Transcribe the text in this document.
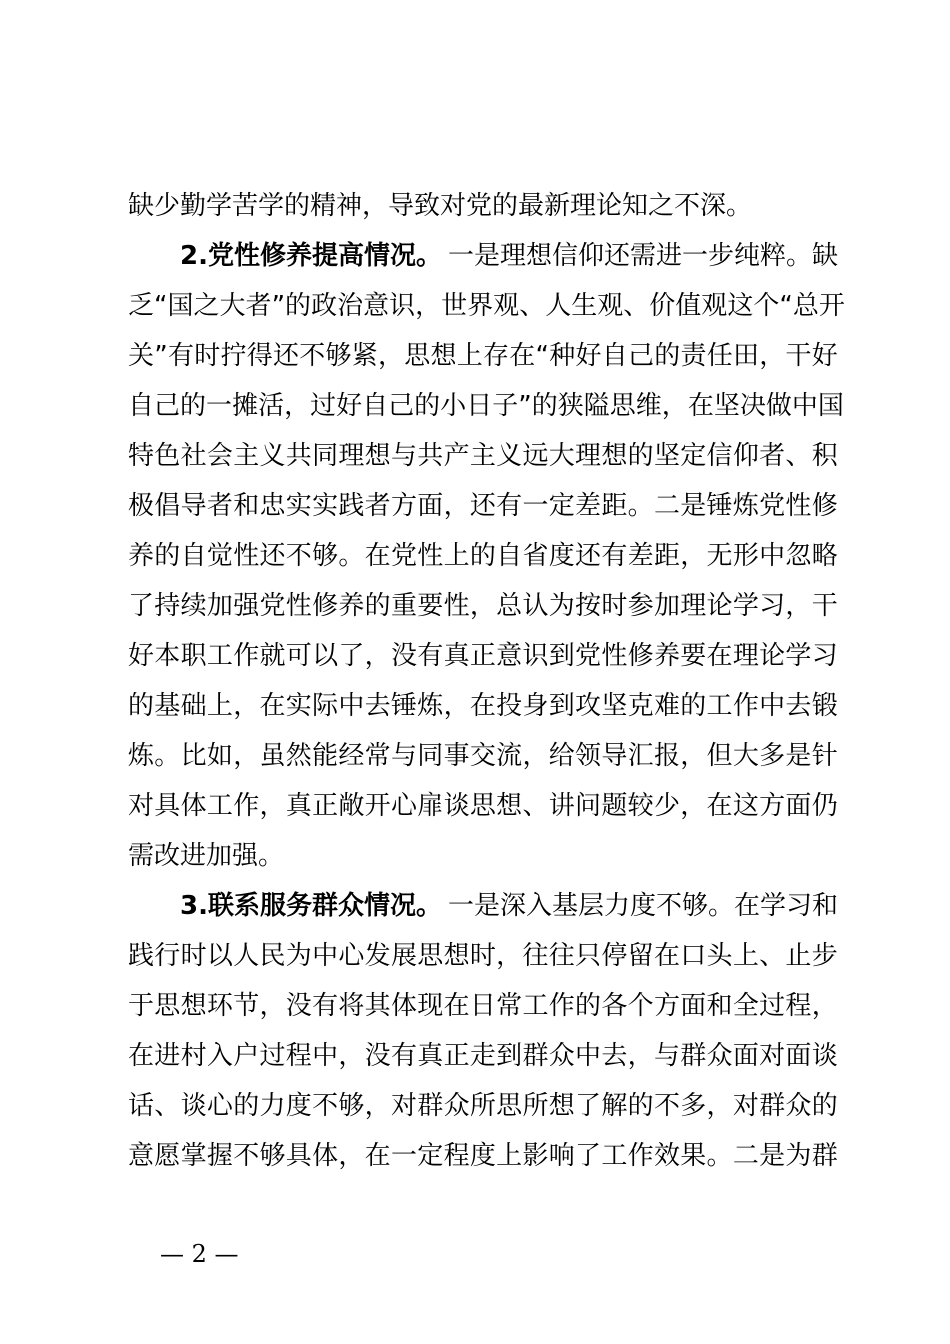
缺少勤学苦学的精神，导致对党的最新理论知之不深。
2.党性修养提高情况。 一是理想信仰还需进一步纯粹。缺
乏 “ 国 之 大 者 ” 的 政 治 意 识 ， 世 界 观 、 人 生 观 、 价 值 观 这 个 “ 总 开
关 ” 有 时 拧 得 还 不 够 紧 ， 思 想 上 存 在 “ 种 好 自 己 的 责 任 田 ， 干 好
自 己 的 一 摊 活 ， 过 好 自 己 的 小 日 子 ” 的 狭 隘 思 维 ， 在 坚 决 做 中 国
特 色 社 会 主 义 共 同 理 想 与 共 产 主 义 远 大 理 想 的 坚 定 信 仰 者 、 积
极 倡 导 者 和 忠 实 实 践 者 方 面 ， 还 有 一 定 差 距 。 二 是 锤 炼 党 性 修
养 的 自 觉 性 还 不 够 。 在 党 性 上 的 自 省 度 还 有 差 距 ， 无 形 中 忽 略
了 持 续 加 强 党 性 修 养 的 重 要 性 ， 总 认 为 按 时 参 加 理 论 学 习 ， 干
好 本 职 工 作 就 可 以 了 ， 没 有 真 正 意 识 到 党 性 修 养 要 在 理 论 学 习
的 基 础 上 ， 在 实 际 中 去 锤 炼 ， 在 投 身 到 攻 坚 克 难 的 工 作 中 去 锻
炼 。 比 如 ， 虽 然 能 经 常 与 同 事 交 流 ， 给 领 导 汇 报 ， 但 大 多 是 针
对 具 体 工 作 ， 真 正 敞 开 心 扉 谈 思 想 、 讲 问 题 较 少 ， 在 这 方 面 仍
需改进加强。
3.联系服务群众情况。 一是深入基层力度不够。在学习和
践 行 时 以 人 民 为 中 心 发 展 思 想 时 ， 往 往 只 停 留 在 口 头 上 、 止 步
于 思 想 环 节 ， 没 有 将 其 体 现 在 日 常 工 作 的 各 个 方 面 和 全 过 程 ，
在 进 村 入 户 过 程 中 ， 没 有 真 正 走 到 群 众 中 去 ， 与 群 众 面 对 面 谈
话 、 谈 心 的 力 度 不 够 ， 对 群 众 所 思 所 想 了 解 的 不 多 ， 对 群 众 的
意 愿 掌 握 不 够 具 体 ， 在 一 定 程 度 上 影 响 了 工 作 效 果 。 二 是 为 群
— 2 —
